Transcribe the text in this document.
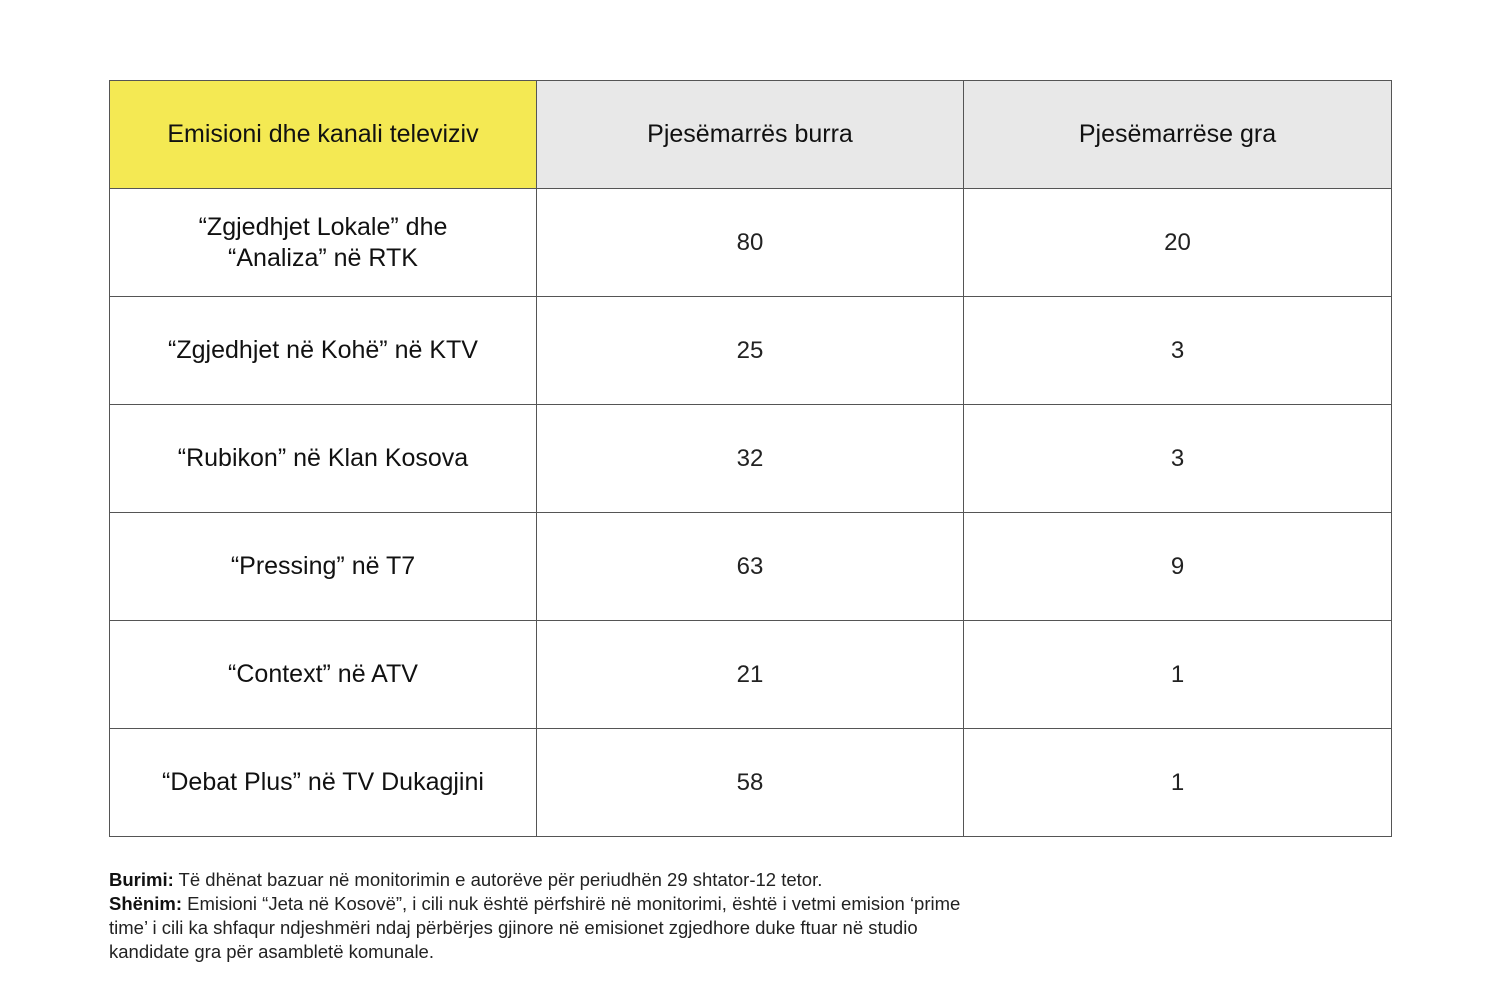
Emisioni dhe kanali televiziv	Pjesëmarrës burra	Pjesëmarrëse gra
“Zgjedhjet Lokale” dhe
“Analiza” në RTK	80	20
“Zgjedhjet në Kohë” në KTV	25	3
“Rubikon” në Klan Kosova	32	3
“Pressing” në T7	63	9
“Context” në ATV	21	1
“Debat Plus” në TV Dukagjini	58	1

Burimi: Të dhënat bazuar në monitorimin e autorëve për periudhën 29 shtator-12 tetor.

Shënim: Emisioni “Jeta në Kosovë”, i cili nuk është përfshirë në monitorimi, është i vetmi emision ‘prime time’ i cili ka shfaqur ndjeshmëri ndaj përbërjes gjinore në emisionet zgjedhore duke ftuar në studio kandidate gra për asambletë komunale.
